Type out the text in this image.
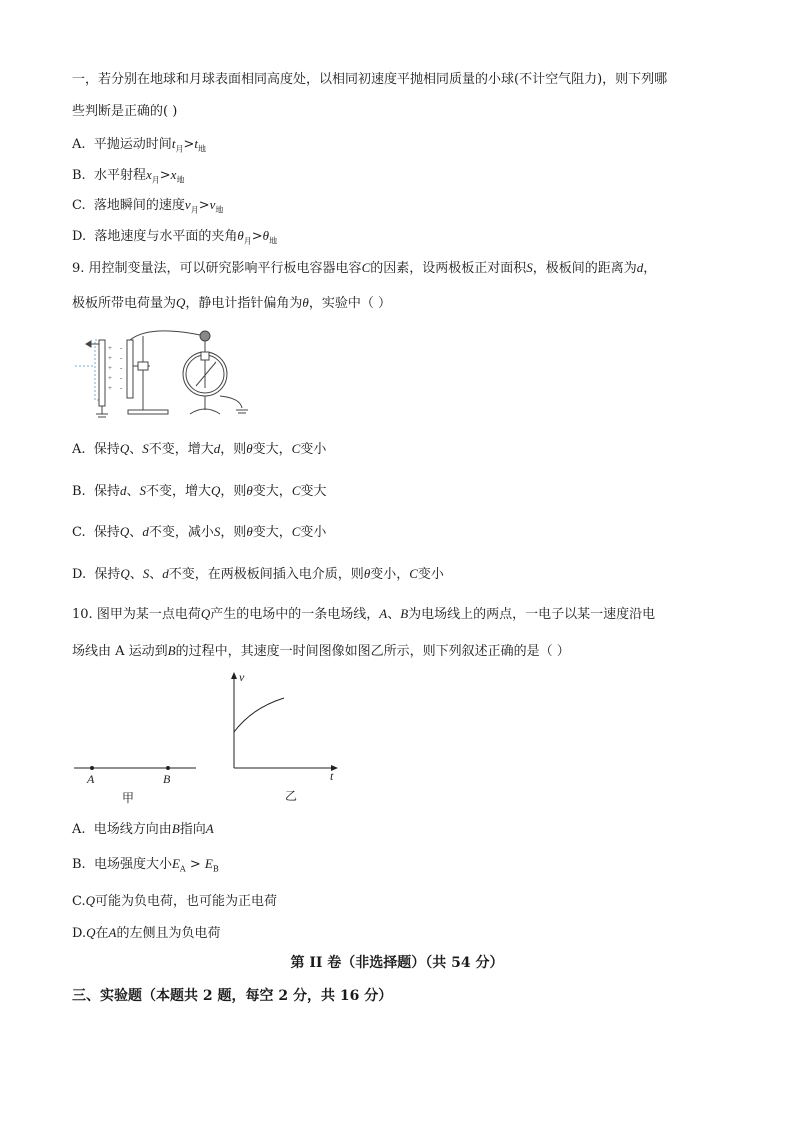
一，若分别在地球和月球表面相同高度处，以相同初速度平抛相同质量的小球(不计空气阻力)，则下列哪
些判断是正确的( )
A. 平抛运动时间$t_月>t_地$
B. 水平射程$x_月>x_地$
C. 落地瞬间的速度$v_月>v_地$
D. 落地速度与水平面的夹角$\theta_月>\theta_地$
9. 用控制变量法，可以研究影响平行板电容器电容C的因素，设两极板正对面积S，极板间的距离为d，
极板所带电荷量为Q，静电计指针偏角为θ，实验中（ ）
+
+
+
+
+
-
-
-
-
-
A. 保持Q、S不变，增大d，则θ变大，C变小
B. 保持d、S不变，增大Q，则θ变大，C变大
C. 保持Q、d不变，减小S，则θ变大，C变小
D. 保持Q、S、d不变，在两极板间插入电介质，则θ变小，C变小
10. 图甲为某一点电荷Q产生的电场中的一条电场线，A、B为电场线上的两点，一电子以某一速度沿电
场线由 A 运动到B的过程中，其速度一时间图像如图乙所示，则下列叙述正确的是（ ）
A	B
甲
v
t
乙
A. 电场线方向由B指向A
B. 电场强度大小$E_A > E_B$
C.Q可能为负电荷，也可能为正电荷
D.Q在A的左侧且为负电荷
第 II 卷（非选择题）（共 54 分）
三、实验题（本题共 2 题，每空 2 分，共 16 分）
